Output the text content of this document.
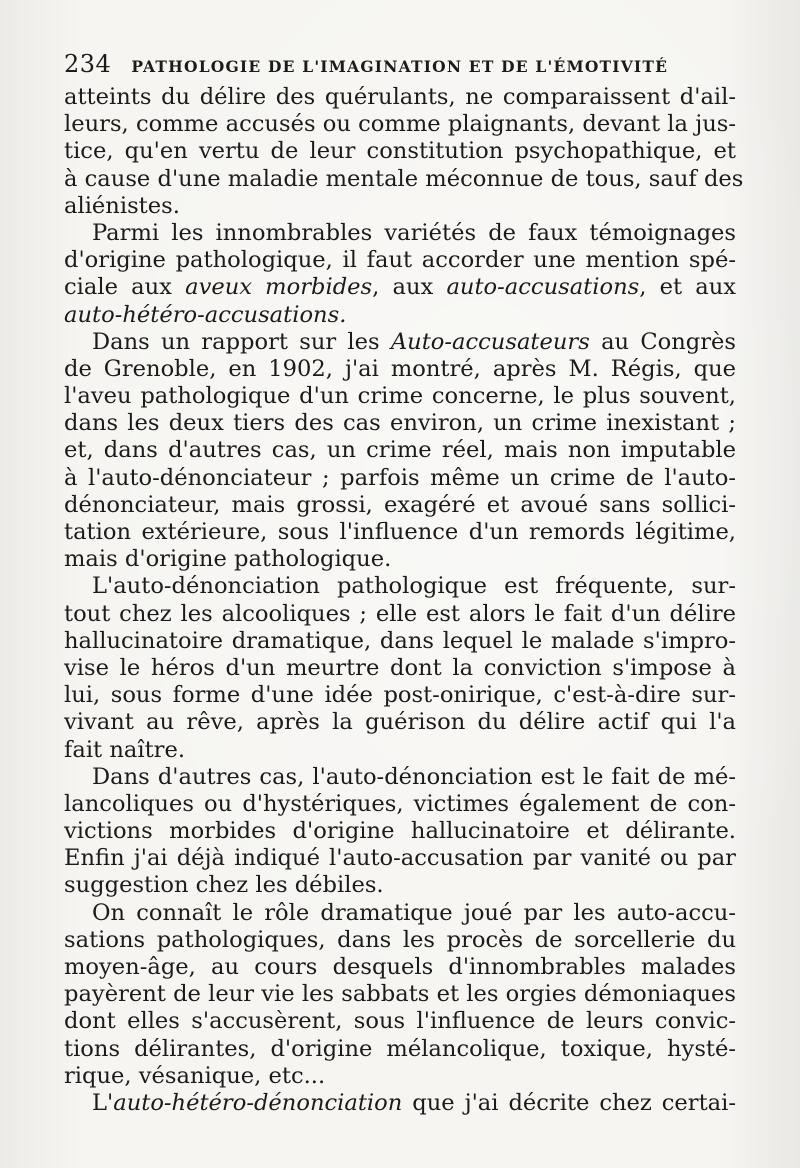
234 PATHOLOGIE DE L'IMAGINATION ET DE L'ÉMOTIVITÉ

atteints du délire des quérulants, ne comparaissent d'ail-
leurs, comme accusés ou comme plaignants, devant la jus-
tice, qu'en vertu de leur constitution psychopathique, et
à cause d'une maladie mentale méconnue de tous, sauf des
aliénistes.

Parmi les innombrables variétés de faux témoignages
d'origine pathologique, il faut accorder une mention spé-
ciale aux aveux morbides, aux auto-accusations, et aux
auto-hétéro-accusations.

Dans un rapport sur les Auto-accusateurs au Congrès
de Grenoble, en 1902, j'ai montré, après M. Régis, que
l'aveu pathologique d'un crime concerne, le plus souvent,
dans les deux tiers des cas environ, un crime inexistant ;
et, dans d'autres cas, un crime réel, mais non imputable
à l'auto-dénonciateur ; parfois même un crime de l'auto-
dénonciateur, mais grossi, exagéré et avoué sans sollici-
tation extérieure, sous l'influence d'un remords légitime,
mais d'origine pathologique.

L'auto-dénonciation pathologique est fréquente, sur-
tout chez les alcooliques ; elle est alors le fait d'un délire
hallucinatoire dramatique, dans lequel le malade s'impro-
vise le héros d'un meurtre dont la conviction s'impose à
lui, sous forme d'une idée post-onirique, c'est-à-dire sur-
vivant au rêve, après la guérison du délire actif qui l'a
fait naître.

Dans d'autres cas, l'auto-dénonciation est le fait de mé-
lancoliques ou d'hystériques, victimes également de con-
victions morbides d'origine hallucinatoire et délirante.
Enfin j'ai déjà indiqué l'auto-accusation par vanité ou par
suggestion chez les débiles.

On connaît le rôle dramatique joué par les auto-accu-
sations pathologiques, dans les procès de sorcellerie du
moyen-âge, au cours desquels d'innombrables malades
payèrent de leur vie les sabbats et les orgies démoniaques
dont elles s'accusèrent, sous l'influence de leurs convic-
tions délirantes, d'origine mélancolique, toxique, hysté-
rique, vésanique, etc...

L'auto-hétéro-dénonciation que j'ai décrite chez certai-
